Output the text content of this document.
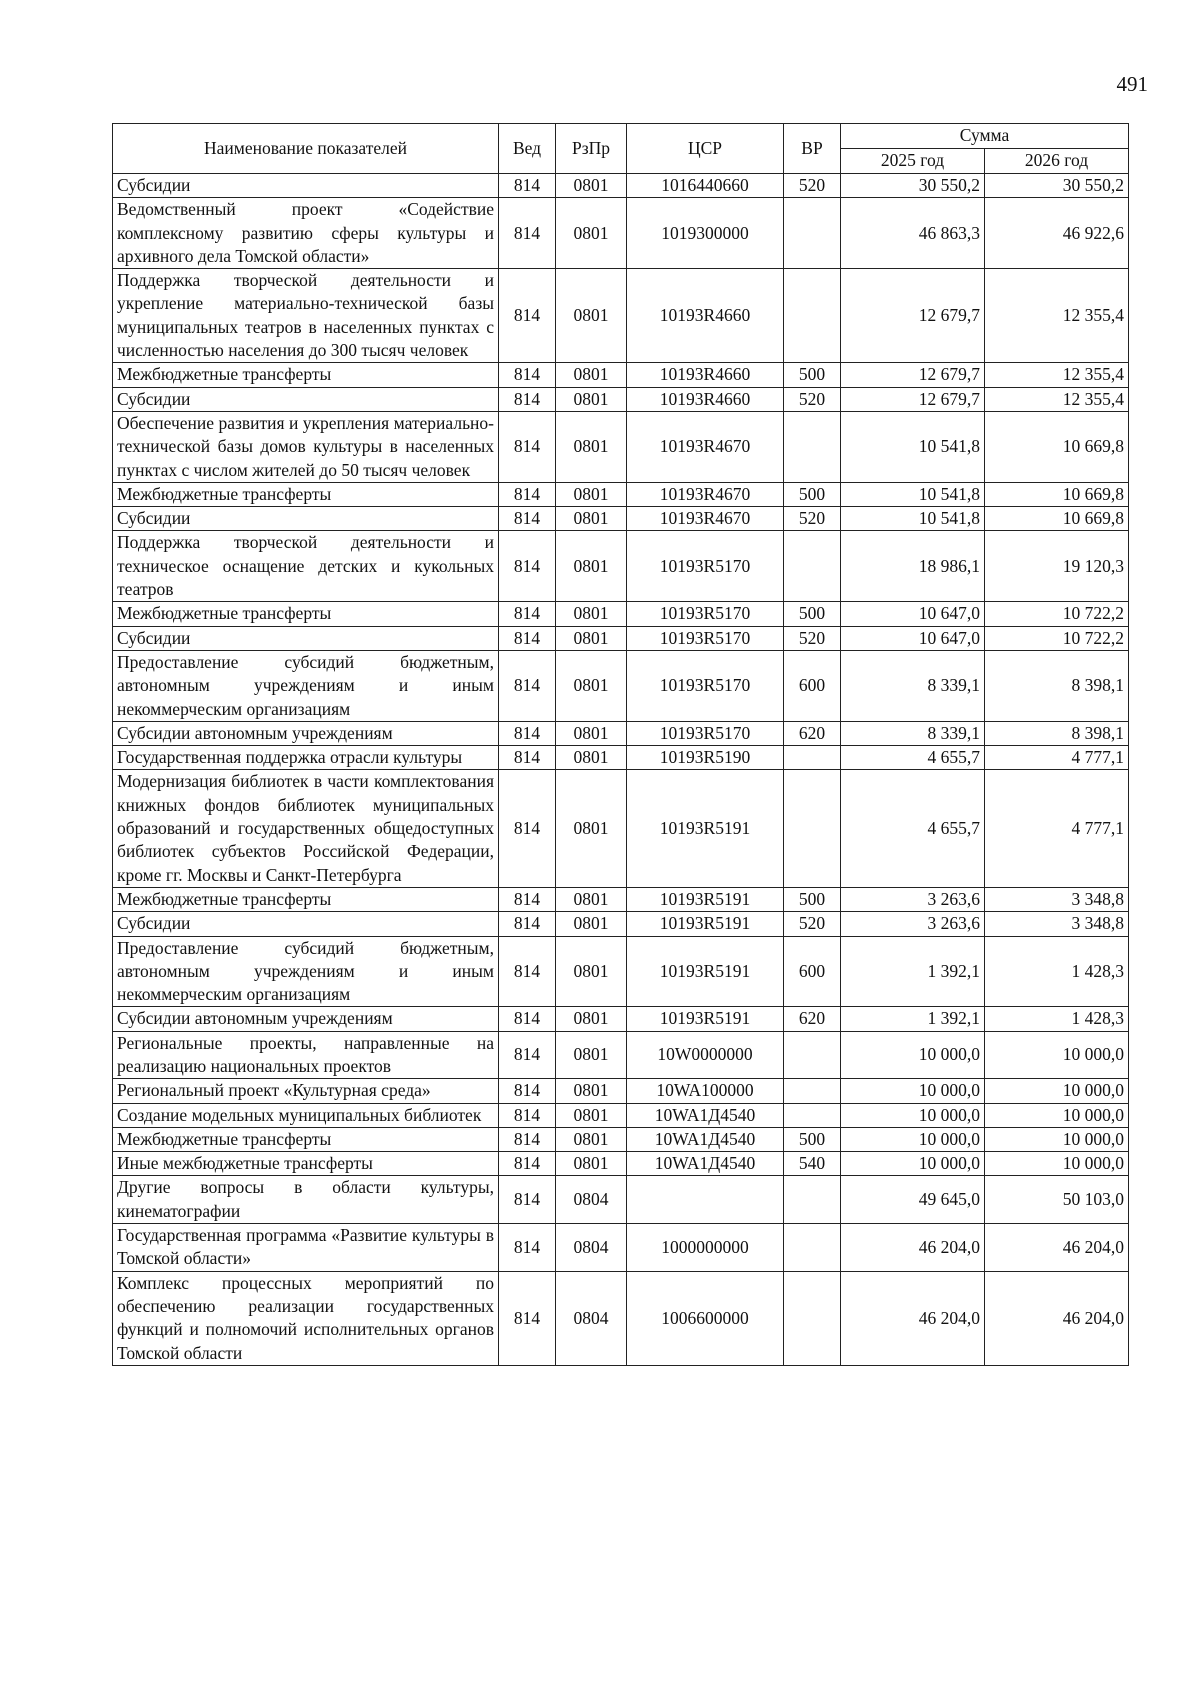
491
Наименование показателей	Вед	РзПр	ЦСР	ВР	Сумма	
					2025 год	2026 год
Субсидии	814	0801	1016440660	520	30 550,2	30 550,2
Ведомственный проект «Содействие комплексному развитию сферы культуры и архивного дела Томской области»	814	0801	1019300000		46 863,3	46 922,6
Поддержка творческой деятельности и укрепление материально-технической базы муниципальных театров в населенных пунктах с численностью населения до 300 тысяч человек	814	0801	10193R4660		12 679,7	12 355,4
Межбюджетные трансферты	814	0801	10193R4660	500	12 679,7	12 355,4
Субсидии	814	0801	10193R4660	520	12 679,7	12 355,4
Обеспечение развития и укрепления материально-технической базы домов культуры в населенных пунктах с числом жителей до 50 тысяч человек	814	0801	10193R4670		10 541,8	10 669,8
Межбюджетные трансферты	814	0801	10193R4670	500	10 541,8	10 669,8
Субсидии	814	0801	10193R4670	520	10 541,8	10 669,8
Поддержка творческой деятельности и техническое оснащение детских и кукольных театров	814	0801	10193R5170		18 986,1	19 120,3
Межбюджетные трансферты	814	0801	10193R5170	500	10 647,0	10 722,2
Субсидии	814	0801	10193R5170	520	10 647,0	10 722,2
Предоставление субсидий бюджетным, автономным учреждениям и иным некоммерческим организациям	814	0801	10193R5170	600	8 339,1	8 398,1
Субсидии автономным учреждениям	814	0801	10193R5170	620	8 339,1	8 398,1
Государственная поддержка отрасли культуры	814	0801	10193R5190		4 655,7	4 777,1
Модернизация библиотек в части комплектования книжных фондов библиотек муниципальных образований и государственных общедоступных библиотек субъектов Российской Федерации, кроме гг. Москвы и Санкт-Петербурга	814	0801	10193R5191		4 655,7	4 777,1
Межбюджетные трансферты	814	0801	10193R5191	500	3 263,6	3 348,8
Субсидии	814	0801	10193R5191	520	3 263,6	3 348,8
Предоставление субсидий бюджетным, автономным учреждениям и иным некоммерческим организациям	814	0801	10193R5191	600	1 392,1	1 428,3
Субсидии автономным учреждениям	814	0801	10193R5191	620	1 392,1	1 428,3
Региональные проекты, направленные на реализацию национальных проектов	814	0801	10W0000000		10 000,0	10 000,0
Региональный проект «Культурная среда»	814	0801	10WA100000		10 000,0	10 000,0
Создание модельных муниципальных библиотек	814	0801	10WA1Д4540		10 000,0	10 000,0
Межбюджетные трансферты	814	0801	10WA1Д4540	500	10 000,0	10 000,0
Иные межбюджетные трансферты	814	0801	10WA1Д4540	540	10 000,0	10 000,0
Другие вопросы в области культуры, кинематографии	814	0804			49 645,0	50 103,0
Государственная программа «Развитие культуры в Томской области»	814	0804	1000000000		46 204,0	46 204,0
Комплекс процессных мероприятий по обеспечению реализации государственных функций и полномочий исполнительных органов Томской области	814	0804	1006600000		46 204,0	46 204,0
